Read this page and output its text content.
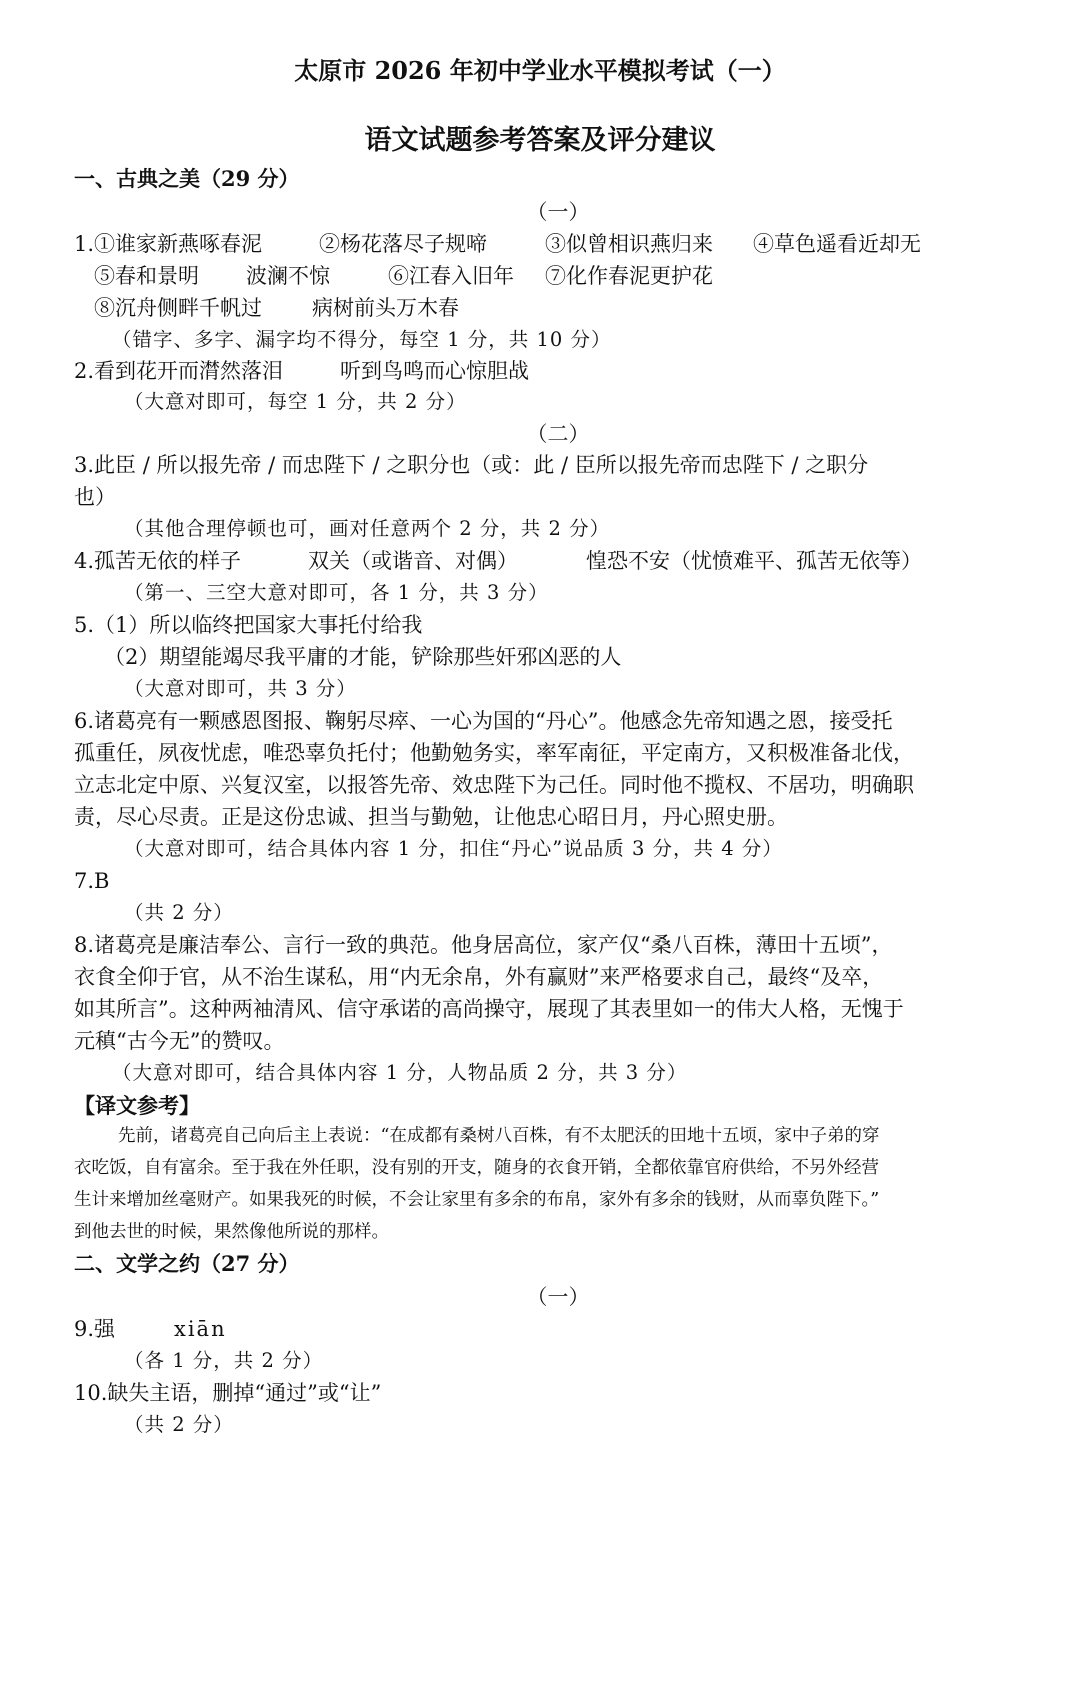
太原市 2026 年初中学业水平模拟考试（一）
语文试题参考答案及评分建议
一、古典之美（29 分）
（一）
1.①谁家新燕啄春泥	②杨花落尽子规啼	③似曾相识燕归来 ④草色遥看近却无
⑤春和景明 波澜不惊	⑥江春入旧年 ⑦化作春泥更护花
⑧沉舟侧畔千帆过 病树前头万木春
（错字、多字、漏字均不得分，每空 1 分，共 10 分）
2.看到花开而潸然落泪	听到鸟鸣而心惊胆战
（大意对即可，每空 1 分，共 2 分）
（二）
3.此臣 / 所以报先帝 / 而忠陛下 / 之职分也（或：此 / 臣所以报先帝而忠陛下 / 之职分
也）
（其他合理停顿也可，画对任意两个 2 分，共 2 分）
4.孤苦无依的样子	双关（或谐音、对偶）	惶恐不安（忧愤难平、孤苦无依等）
（第一、三空大意对即可，各 1 分，共 3 分）
5.（1）所以临终把国家大事托付给我
（2）期望能竭尽我平庸的才能，铲除那些奸邪凶恶的人
（大意对即可，共 3 分）
6.诸葛亮有一颗感恩图报、鞠躬尽瘁、一心为国的“丹心”。他感念先帝知遇之恩，接受托
孤重任，夙夜忧虑，唯恐辜负托付；他勤勉务实，率军南征，平定南方，又积极准备北伐，
立志北定中原、兴复汉室，以报答先帝、效忠陛下为己任。同时他不揽权、不居功，明确职
责，尽心尽责。正是这份忠诚、担当与勤勉，让他忠心昭日月，丹心照史册。
（大意对即可，结合具体内容 1 分，扣住“丹心”说品质 3 分，共 4 分）
7.B
（共 2 分）
8.诸葛亮是廉洁奉公、言行一致的典范。他身居高位，家产仅“桑八百株，薄田十五顷”，
衣食全仰于官，从不治生谋私，用“内无余帛，外有赢财”来严格要求自己，最终“及卒，
如其所言”。这种两袖清风、信守承诺的高尚操守，展现了其表里如一的伟大人格，无愧于
元稹“古今无”的赞叹。
（大意对即可，结合具体内容 1 分，人物品质 2 分，共 3 分）
【译文参考】
先前，诸葛亮自己向后主上表说：“在成都有桑树八百株，有不太肥沃的田地十五顷，家中子弟的穿
衣吃饭，自有富余。至于我在外任职，没有别的开支，随身的衣食开销，全都依靠官府供给，不另外经营
生计来增加丝毫财产。如果我死的时候，不会让家里有多余的布帛，家外有多余的钱财，从而辜负陛下。”
到他去世的时候，果然像他所说的那样。
二、文学之约（27 分）
（一）
9.强	xiān
（各 1 分，共 2 分）
10.缺失主语，删掉“通过”或“让”
（共 2 分）
